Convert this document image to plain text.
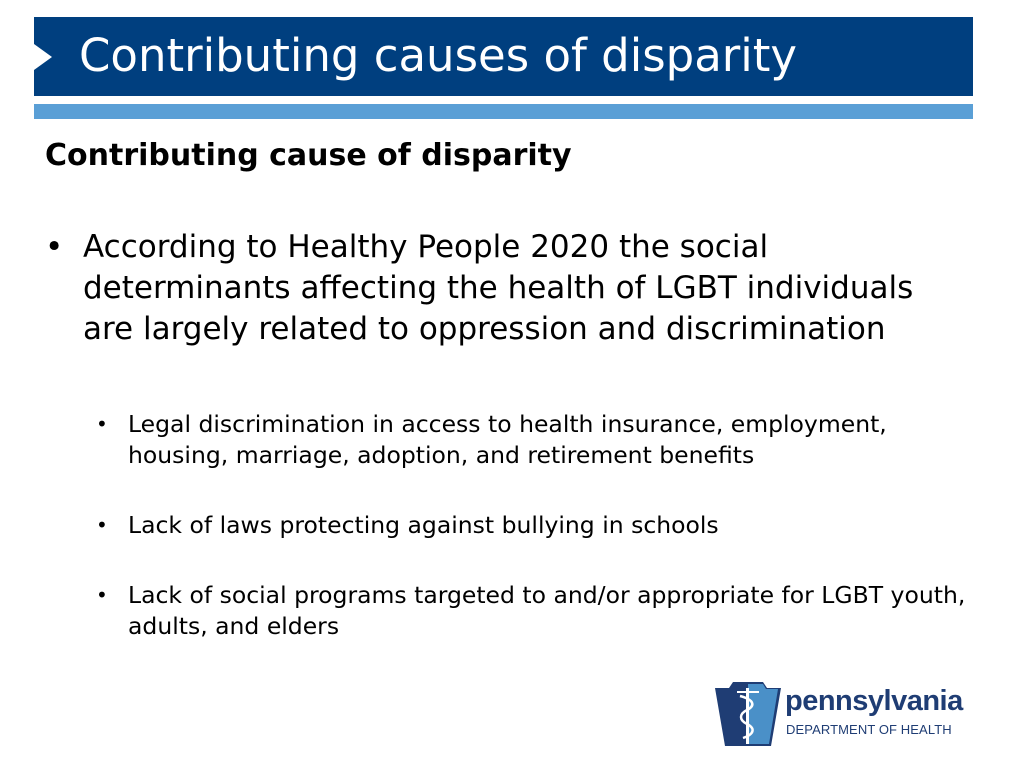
Contributing causes of disparity
Contributing cause of disparity
• According to Healthy People 2020 the social determinants affecting the health of LGBT individuals are largely related to oppression and discrimination
• Legal discrimination in access to health insurance, employment, housing, marriage, adoption, and retirement benefits
• Lack of laws protecting against bullying in schools
• Lack of social programs targeted to and/or appropriate for LGBT youth, adults, and elders
pennsylvania
DEPARTMENT OF HEALTH
